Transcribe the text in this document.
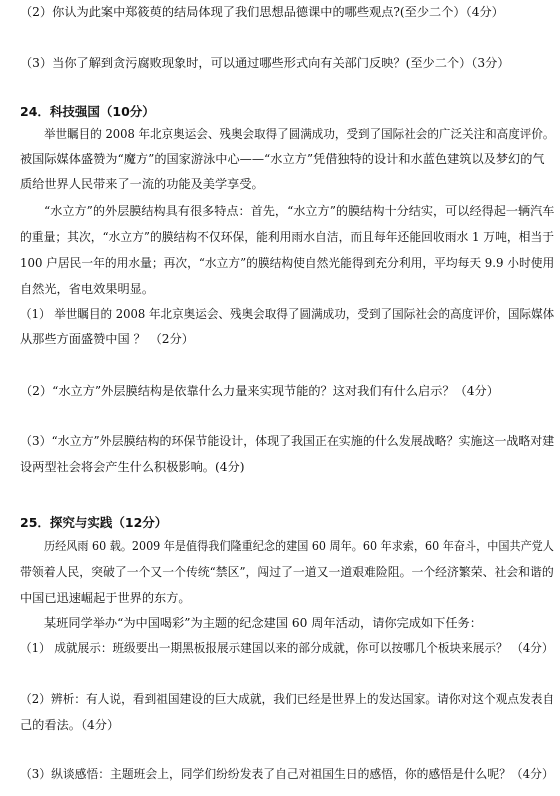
（2）你认为此案中郑筱萸的结局体现了我们思想品德课中的哪些观点?(至少二个）（4分）
（3）当你了解到贪污腐败现象时，可以通过哪些形式向有关部门反映？(至少二个）（3分）
24．科技强国（10分）
举世瞩目的 2008 年北京奥运会、残奥会取得了圆满成功，受到了国际社会的广泛关注和高度评价。
被国际媒体盛赞为“魔方”的国家游泳中心——“水立方”凭借独特的设计和水蓝色建筑以及梦幻的气
质给世界人民带来了一流的功能及美学享受。
“水立方”的外层膜结构具有很多特点：首先，“水立方”的膜结构十分结实，可以经得起一辆汽车
的重量；其次，“水立方”的膜结构不仅环保，能利用雨水自洁，而且每年还能回收雨水 1 万吨，相当于
100 户居民一年的用水量；再次，“水立方”的膜结构使自然光能得到充分利用，平均每天 9.9 小时使用
自然光，省电效果明显。
（1） 举世瞩目的 2008 年北京奥运会、残奥会取得了圆满成功，受到了国际社会的高度评价，国际媒体
从那些方面盛赞中国 ？ （2分）
（2）“水立方”外层膜结构是依靠什么力量来实现节能的？这对我们有什么启示？（4分）
（3）“水立方”外层膜结构的环保节能设计，体现了我国正在实施的什么发展战略？实施这一战略对建
设两型社会将会产生什么积极影响。(4分)
25．探究与实践（12分）
历经风雨 60 载。2009 年是值得我们隆重纪念的建国 60 周年。60 年求索，60 年奋斗，中国共产党人
带领着人民，突破了一个又一个传统“禁区”，闯过了一道又一道艰难险阻。一个经济繁荣、社会和谐的
中国已迅速崛起于世界的东方。
某班同学举办“为中国喝彩”为主题的纪念建国 60 周年活动，请你完成如下任务：
（1） 成就展示：班级要出一期黑板报展示建国以来的部分成就，你可以按哪几个板块来展示？ （4分）
（2）辨析：有人说，看到祖国建设的巨大成就，我们已经是世界上的发达国家。请你对这个观点发表自
己的看法。（4分）
（3）纵谈感悟：主题班会上，同学们纷纷发表了自己对祖国生日的感悟，你的感悟是什么呢？（4分）
